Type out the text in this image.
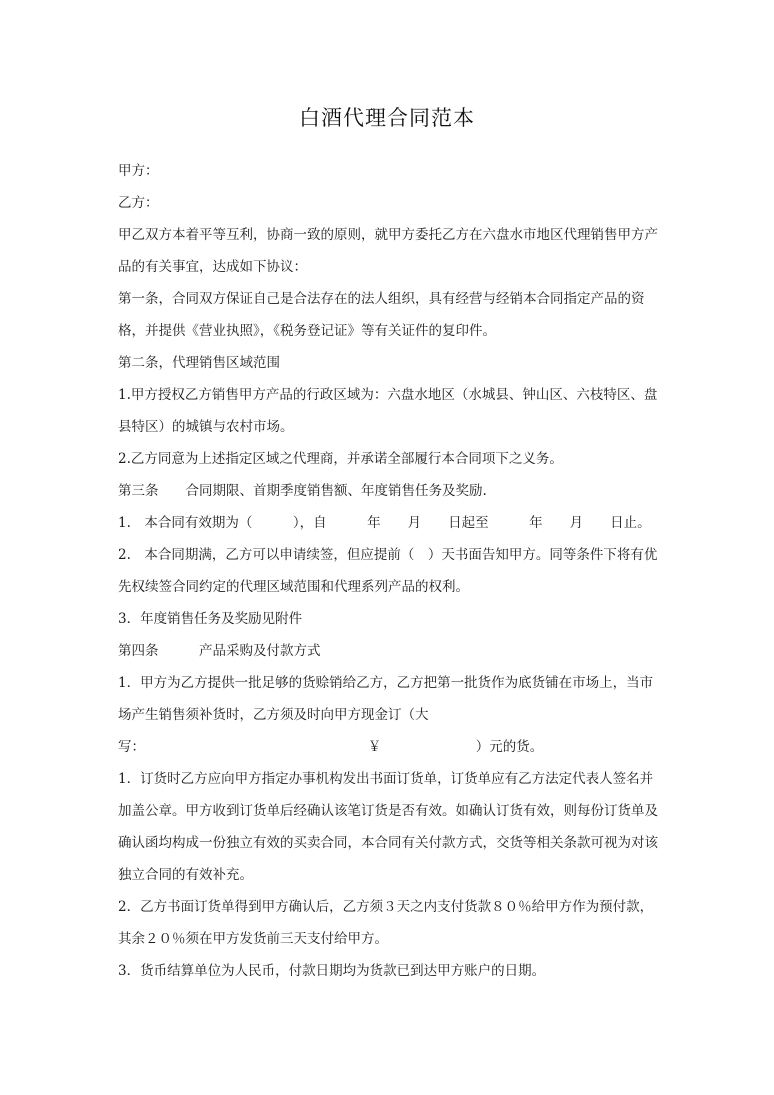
白酒代理合同范本

甲方：

乙方：

甲乙双方本着平等互利，协商一致的原则，就甲方委托乙方在六盘水市地区代理销售甲方产品的有关事宜，达成如下协议：

第一条，合同双方保证自己是合法存在的法人组织，具有经营与经销本合同指定产品的资格，并提供《营业执照》，《税务登记证》等有关证件的复印件。

第二条，代理销售区域范围

1.甲方授权乙方销售甲方产品的行政区域为：六盘水地区（水城县、钟山区、六枝特区、盘县特区）的城镇与农村市场。

2.乙方同意为上述指定区域之代理商，并承诺全部履行本合同项下之义务。

第三条　　合同期限、首期季度销售额、年度销售任务及奖励.

1.　本合同有效期为（　　　），自　　　年　　月　　日起至　　　年　　月　　日止。

2.　本合同期满，乙方可以申请续签，但应提前（　）天书面告知甲方。同等条件下将有优先权续签合同约定的代理区域范围和代理系列产品的权利。

3．年度销售任务及奖励见附件

第四条　　　产品采购及付款方式

1．甲方为乙方提供一批足够的货赊销给乙方，乙方把第一批货作为底货铺在市场上，当市场产生销售须补货时，乙方须及时向甲方现金订（大

写：　　　　　　　　　　　　　　　　　￥　　　　　　　）元的货。

1．订货时乙方应向甲方指定办事机构发出书面订货单，订货单应有乙方法定代表人签名并加盖公章。甲方收到订货单后经确认该笔订货是否有效。如确认订货有效，则每份订货单及确认函均构成一份独立有效的买卖合同，本合同有关付款方式，交货等相关条款可视为对该独立合同的有效补充。

2．乙方书面订货单得到甲方确认后，乙方须３天之内支付货款８０％给甲方作为预付款，其余２０％须在甲方发货前三天支付给甲方。

3．货币结算单位为人民币，付款日期均为货款已到达甲方账户的日期。
